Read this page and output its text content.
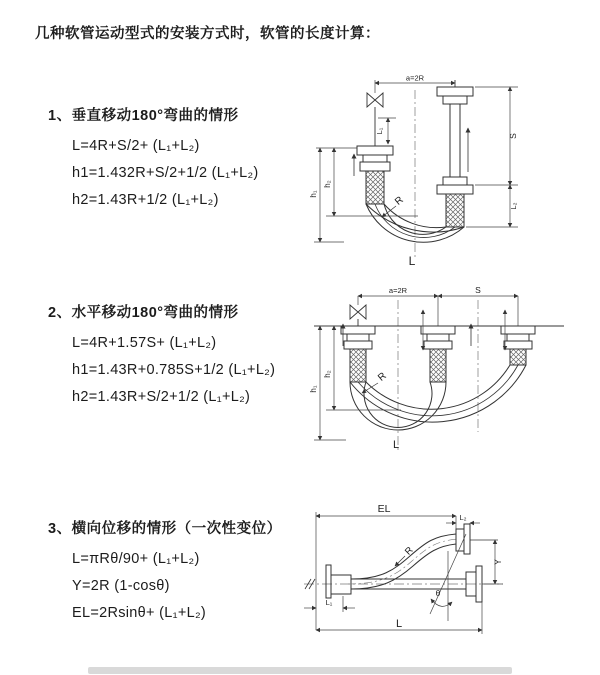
几种软管运动型式的安装方式时，软管的长度计算：
1、垂直移动180°弯曲的情形
L=4R+S/2+ (L₁+L₂)
h1=1.432R+S/2+1/2 (L₁+L₂)
h2=1.43R+1/2 (L₁+L₂)
2、水平移动180°弯曲的情形
L=4R+1.57S+ (L₁+L₂)
h1=1.43R+0.785S+1/2 (L₁+L₂)
h2=1.43R+S/2+1/2 (L₁+L₂)
3、横向位移的情形（一次性变位）
L=πRθ/90+ (L₁+L₂)
Y=2R (1-cosθ)
EL=2Rsinθ+ (L₁+L₂)
a=2R
L₁
S
L₂
h₁
h₂
R
L
a=2R	S
h₁
h₂	R
L
EL
L₂
Y
R
θ
L₁
L
